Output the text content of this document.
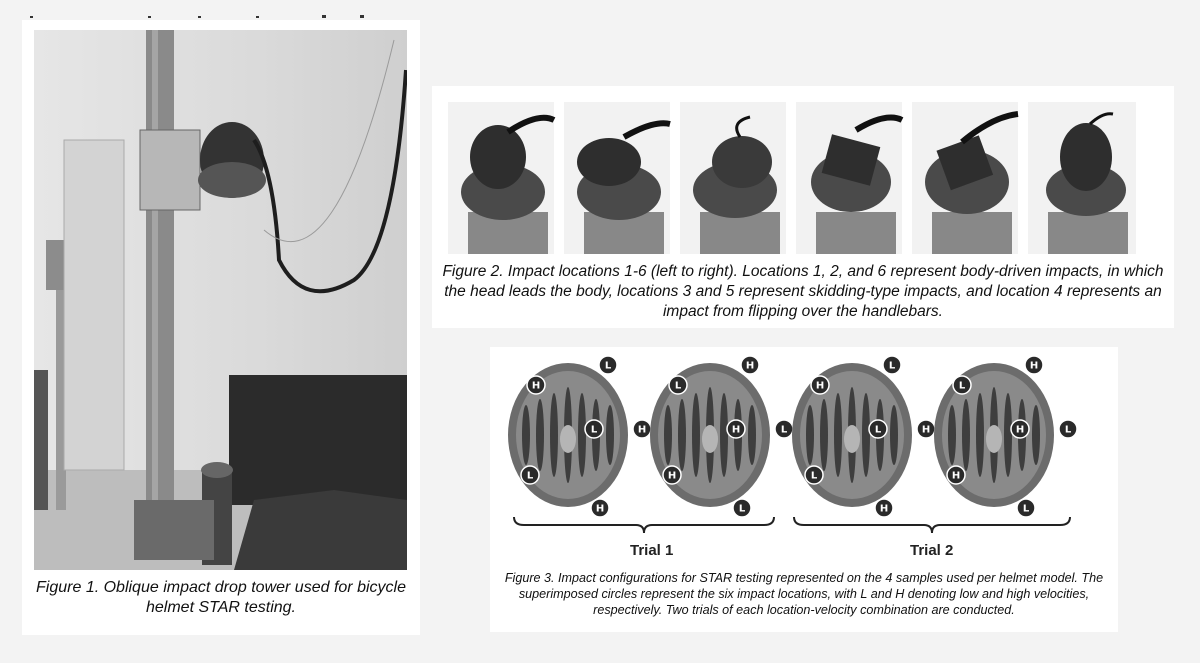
Figure 1. Oblique impact drop tower used for bicycle helmet STAR testing.
Figure 2. Impact locations 1-6 (left to right). Locations 1, 2, and 6 represent body-driven impacts, in which the head leads the body, locations 3 and 5 represent skidding-type impacts, and location 4 represents an impact from flipping over the handlebars.
L
H
L	H
L
H
H
L
H	L
H
L
L
H
L	H
L
H
H
L
H	L
H
L
Trial 1	Trial 2
Figure 3. Impact configurations for STAR testing represented on the 4 samples used per helmet model. The superimposed circles represent the six impact locations, with L and H denoting low and high velocities, respectively. Two trials of each location-velocity combination are conducted.
